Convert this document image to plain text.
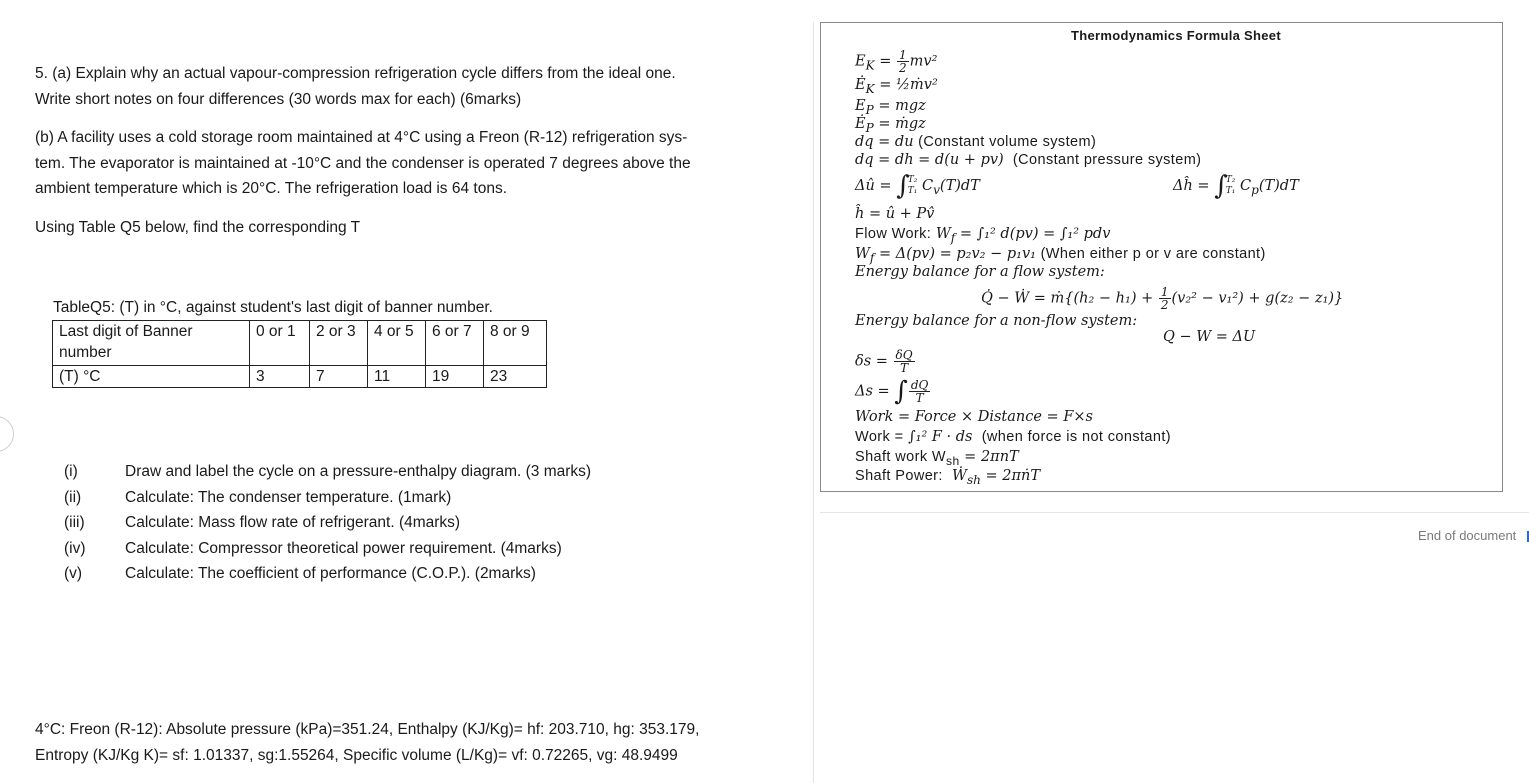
5. (a) Explain why an actual vapour-compression refrigeration cycle differs from the ideal one.
Write short notes on four differences (30 words max for each) (6marks)
(b) A facility uses a cold storage room maintained at 4°C using a Freon (R-12) refrigeration sys-
tem. The evaporator is maintained at -10°C and the condenser is operated 7 degrees above the
ambient temperature which is 20°C. The refrigeration load is 64 tons.
Using Table Q5 below, find the corresponding T
TableQ5: (T) in °C, against student's last digit of banner number.
Last digit of Banner number	0 or 1	2 or 3	4 or 5	6 or 7	8 or 9
(T) °C	3	7	11	19	23
(i)	Draw and label the cycle on a pressure-enthalpy diagram. (3 marks)
(ii)	Calculate: The condenser temperature. (1mark)
(iii)	Calculate: Mass flow rate of refrigerant. (4marks)
(iv)	Calculate: Compressor theoretical power requirement. (4marks)
(v)	Calculate: The coefficient of performance (C.O.P.). (2marks)
4°C: Freon (R-12): Absolute pressure (kPa)=351.24, Enthalpy (KJ/Kg)= hf: 203.710, hg: 353.179,
Entropy (KJ/Kg K)= sf: 1.01337, sg:1.55264, Specific volume (L/Kg)= vf: 0.72265, vg: 48.9499
Thermodynamics Formula Sheet
$E_K = \frac{1}{2} mv^2$
$Ė_K$ = ½ṁv²
$E_P$ = mgz
$Ė_P$ = ṁgz
dq = du (Constant volume system)
dq = dh = d(u + pv)  (Constant pressure system)
Δû = ∫
T₂
T₁ $C_v(T)dT$	Δĥ = ∫
T₂
T₁ $C_p(T)dT$
ĥ = û + Pv̂
Flow Work: $W_f = \int_1^2$ d(pv) = ∫₁² pdv
$W_f = \Delta(pv) = p_2v_2 - p_1v_1$ (When either p or v are constant)
Energy balance for a flow system:
Q̇ − Ẇ = ṁ{(h₂ − $h_1) + \frac{1}{2} (v_2^2 - v_1^2) + g(z_2 - z_1)$}
Energy balance for a non-flow system:
Q − W = ΔU
$\delta s = \frac{\delta Q}{T}$
Δs = ∫ $\frac{dQ}{T}$
Work = Force × Distance = F×s
Work = ∫₁² F · ds  (when force is not constant)
Shaft work $W_{sh} = 2\pi nT$
Shaft Power:  Ẇ$_{sh}$ = 2πṅT
End of document
